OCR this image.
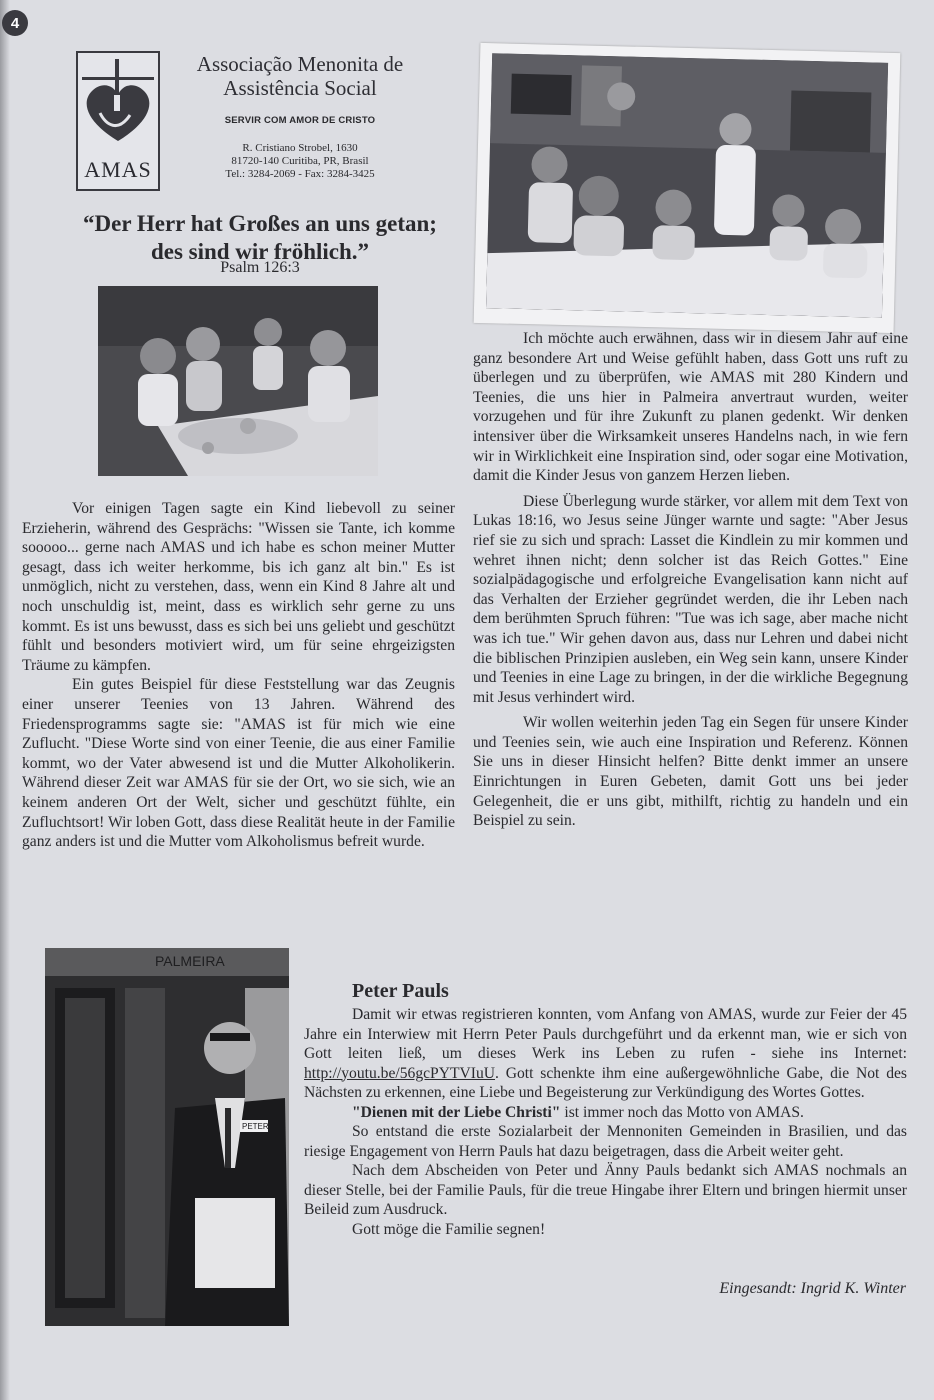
4
AMAS
Associação Menonita de Assistência Social
SERVIR COM AMOR DE CRISTO
R. Cristiano Strobel, 1630
81720-140 Curitiba, PR, Brasil
Tel.: 3284-2069 - Fax: 3284-3425
“Der Herr hat Großes an uns getan;
des sind wir fröhlich.”
Psalm 126:3

Vor einigen Tagen sagte ein Kind liebevoll zu seiner Erzieherin, während des Gesprächs: "Wissen sie Tante, ich komme sooooo... gerne nach AMAS und ich habe es schon meiner Mutter gesagt, dass ich weiter herkomme, bis ich ganz alt bin." Es ist unmöglich, nicht zu verstehen, dass, wenn ein Kind 8 Jahre alt und noch unschuldig ist, meint, dass es wirklich sehr gerne zu uns kommt. Es ist uns bewusst, dass es sich bei uns geliebt und geschützt fühlt und besonders motiviert wird, um für seine ehrgeizigsten Träume zu kämpfen.

Ein gutes Beispiel für diese Feststellung war das Zeugnis einer unserer Teenies von 13 Jahren. Während des Friedensprogramms sagte sie: "AMAS ist für mich wie eine Zuflucht. "Diese Worte sind von einer Teenie, die aus einer Familie kommt, wo der Vater abwesend ist und die Mutter Alkoholikerin. Während dieser Zeit war AMAS für sie der Ort, wo sie sich, wie an keinem anderen Ort der Welt, sicher und geschützt fühlte, ein Zufluchtsort! Wir loben Gott, dass diese Realität heute in der Familie ganz anders ist und die Mutter vom Alkoholismus befreit wurde.

Ich möchte auch erwähnen, dass wir in diesem Jahr auf eine ganz besondere Art und Weise gefühlt haben, dass Gott uns ruft zu überlegen und zu überprüfen, wie AMAS mit 280 Kindern und Teenies, die uns hier in Palmeira anvertraut wurden, weiter vorzugehen und für ihre Zukunft zu planen gedenkt. Wir denken intensiver über die Wirksamkeit unseres Handelns nach, in wie fern wir in Wirklichkeit eine Inspiration sind, oder sogar eine Motivation, damit die Kinder Jesus von ganzem Herzen lieben.

Diese Überlegung wurde stärker, vor allem mit dem Text von Lukas 18:16, wo Jesus seine Jünger warnte und sagte: "Aber Jesus rief sie zu sich und sprach: Lasset die Kindlein zu mir kommen und wehret ihnen nicht; denn solcher ist das Reich Gottes." Eine sozialpädagogische und erfolgreiche Evangelisation kann nicht auf das Verhalten der Erzieher gegründet werden, die ihr Leben nach dem berühmten Spruch führen: "Tue was ich sage, aber mache nicht was ich tue." Wir gehen davon aus, dass nur Lehren und dabei nicht die biblischen Prinzipien ausleben, ein Weg sein kann, unsere Kinder und Teenies in eine Lage zu bringen, in der die wirkliche Begegnung mit Jesus verhindert wird.

Wir wollen weiterhin jeden Tag ein Segen für unsere Kinder und Teenies sein, wie auch eine Inspiration und Referenz. Können Sie uns in dieser Hinsicht helfen? Bitte denkt immer an unsere Einrichtungen in Euren Gebeten, damit Gott uns bei jeder Gelegenheit, die er uns gibt, mithilft, richtig zu handeln und ein Beispiel zu sein.

PALMEIRA
PETER
Peter Pauls

Damit wir etwas registrieren konnten, vom Anfang von AMAS, wurde zur Feier der 45 Jahre ein Interwiew mit Herrn Peter Pauls durchgeführt und da erkennt man, wie er sich von Gott leiten ließ, um dieses Werk ins Leben zu rufen - siehe ins Internet: http://youtu.be/56gcPYTVIuU. Gott schenkte ihm eine außergewöhnliche Gabe, die Not des Nächsten zu erkennen, eine Liebe und Begeisterung zur Verkündigung des Wortes Gottes.

"Dienen mit der Liebe Christi" ist immer noch das Motto von AMAS.

So entstand die erste Sozialarbeit der Mennoniten Gemeinden in Brasilien, und das riesige Engagement von Herrn Pauls hat dazu beigetragen, dass die Arbeit weiter geht.

Nach dem Abscheiden von Peter und Änny Pauls bedankt sich AMAS nochmals an dieser Stelle, bei der Familie Pauls, für die treue Hingabe ihrer Eltern und bringen hiermit unser Beileid zum Ausdruck.

Gott möge die Familie segnen!

Eingesandt: Ingrid K. Winter
